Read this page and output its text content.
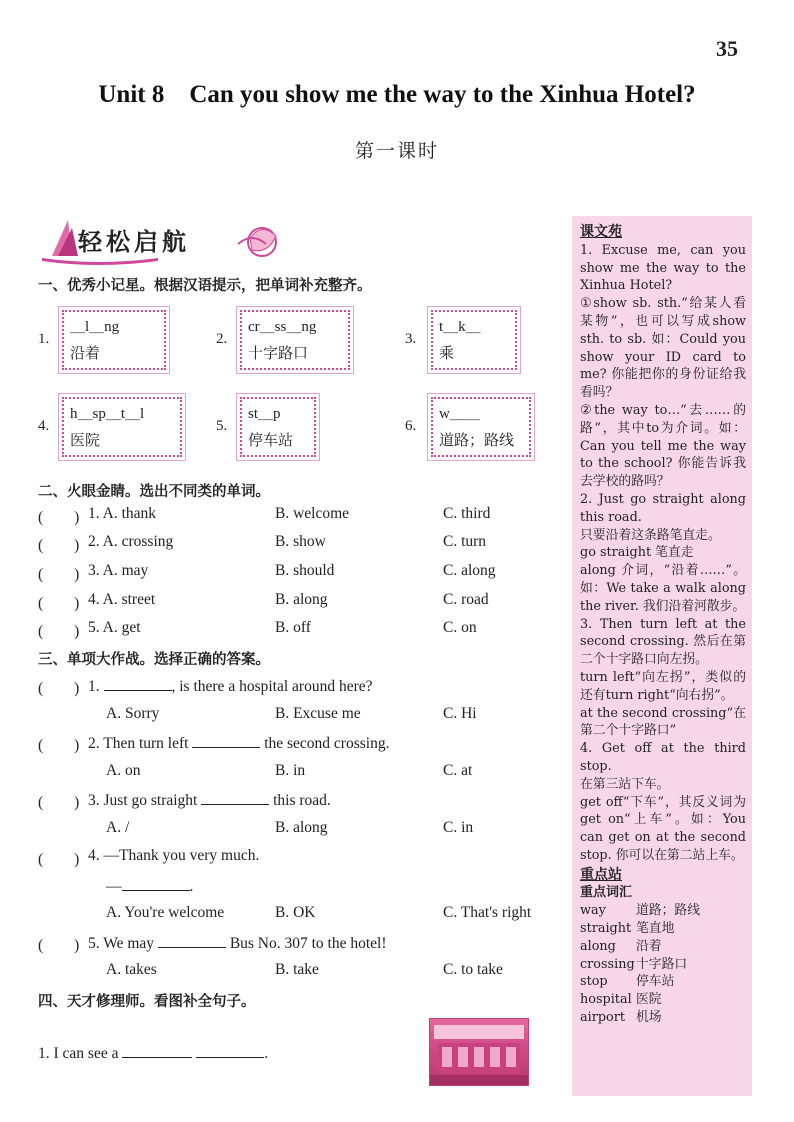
35
Unit 8　Can you show me the way to the Xinhua Hotel?
第一课时
轻松启航
一、优秀小记星。根据汉语提示，把单词补充整齐。
1.
＿l＿ng
沿着
2.
cr＿ss＿ng
十字路口
3.
t＿k＿
乘
4.
h＿sp＿t＿l
医院
5.
st＿p
停车站
6.
w＿＿
道路；路线
二、火眼金睛。选出不同类的单词。
(　　) 1. A. thank	B. welcome	C. third
(　　) 2. A. crossing	B. show	C. turn
(　　) 3. A. may	B. should	C. along
(　　) 4. A. street	B. along	C. road
(　　) 5. A. get	B. off	C. on
三、单项大作战。选择正确的答案。
(　　) 1.	, is there a hospital around here?
A. Sorry	B. Excuse me	C. Hi
(　　) 2. Then turn left	the second crossing.
A. on	B. in	C. at
(　　) 3. Just go straight	this road.
A. /	B. along	C. in
(　　) 4. —Thank you very much.
—	.
A. You're welcome	B. OK	C. That's right
(　　) 5. We may	Bus No. 307 to the hotel!
A. takes	B. take	C. to take
四、天才修理师。看图补全句子。
1. I can see a	.
课文苑
1. Excuse me, can you show me the way to the Xinhua Hotel?
①show sb. sth.“给某人看某物”，也可以写成show sth. to sb. 如：Could you show your ID card to me? 你能把你的身份证给我看吗？
②the way to…“去……的路”，其中to为介词。如：Can you tell me the way to the school? 你能告诉我去学校的路吗？
2. Just go straight along this road.
只要沿着这条路笔直走。
go straight 笔直走
along 介词，“沿着……”。如：We take a walk along the river. 我们沿着河散步。
3. Then turn left at the second crossing. 然后在第二个十字路口向左拐。
turn left“向左拐”，类似的还有turn right“向右拐”。
at the second crossing“在第二个十字路口”
4. Get off at the third stop.
在第三站下车。
get off“下车”，其反义词为get on“上车”。如：You can get on at the second stop. 你可以在第二站上车。
重点站
重点词汇
way	道路；路线
straight 笔直地
along	沿着
crossing 十字路口
stop	停车站
hospital 医院
airport 机场
